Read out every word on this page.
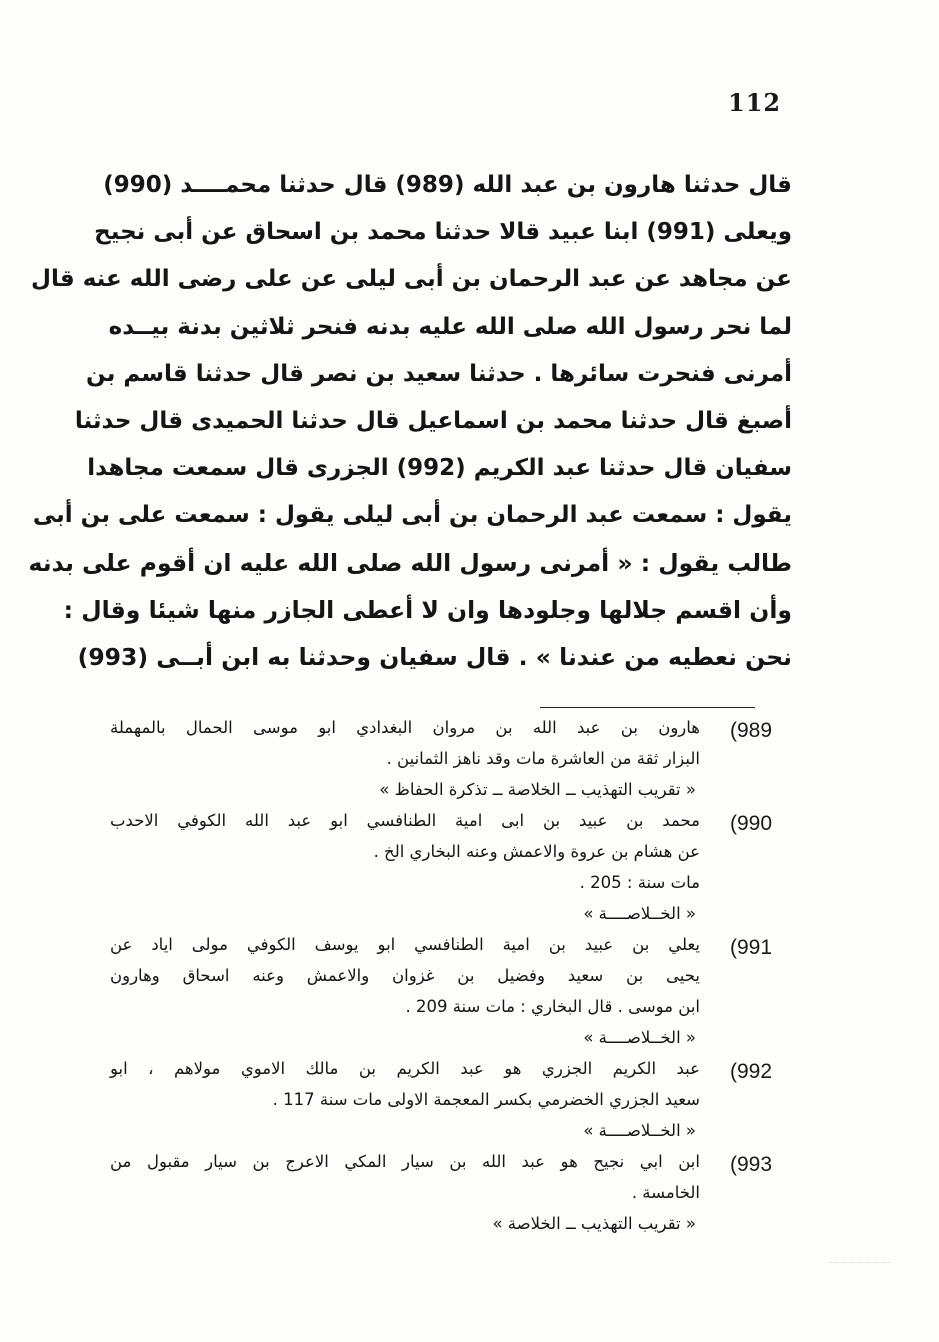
112
قال حدثنا هارون بن عبد الله (989) قال حدثنا محمــــد (990)
ويعلى (991) ابنا عبيد قالا حدثنا محمد بن اسحاق عن أبى نجيح
عن مجاهد عن عبد الرحمان بن أبى ليلى عن على رضى الله عنه قال
لما نحر رسول الله صلى الله عليه بدنه فنحر ثلاثين بدنة بيــده
أمرنى فنحرت سائرها . حدثنا سعيد بن نصر قال حدثنا قاسم بن
أصبغ قال حدثنا محمد بن اسماعيل قال حدثنا الحميدى قال حدثنا
سفيان قال حدثنا عبد الكريم (992) الجزرى قال سمعت مجاهدا
يقول : سمعت عبد الرحمان بن أبى ليلى يقول : سمعت على بن أبى
طالب يقول : « أمرنى رسول الله صلى الله عليه ان أقوم على بدنه
وأن اقسم جلالها وجلودها وان لا أعطى الجازر منها شيئا وقال :
نحن نعطيه من عندنا » . قال سفيان وحدثنا به ابن أبــى (993)
(989
هارون بن عبد الله بن مروان البغدادي ابو موسى الحمال بالمهملة
البزار ثقة من العاشرة مات وقد ناهز الثمانين .
« تقريب التهذيب ــ الخلاصة ــ تذكرة الحفاظ »
(990
محمد بن عبيد بن ابى امية الطنافسي ابو عبد الله الكوفي الاحدب
عن هشام بن عروة والاعمش وعنه البخاري الخ .
مات سنة : 205 .
« الخــلاصــــة »
(991
يعلي بن عبيد بن امية الطنافسي ابو يوسف الكوفي مولى اياد عن
يحيى بن سعيد وفضيل بن غزوان والاعمش وعنه اسحاق وهارون
ابن موسى . قال البخاري : مات سنة 209 .
« الخــلاصــــة »
(992
عبد الكريم الجزري هو عبد الكريم بن مالك الاموي مولاهم ، ابو
سعيد الجزري الخضرمي بكسر المعجمة الاولى مات سنة 117 .
« الخــلاصــــة »
(993
ابن ابي نجيح هو عبد الله بن سيار المكي الاعرج بن سيار مقبول من
الخامسة .
« تقريب التهذيب ــ الخلاصة »
